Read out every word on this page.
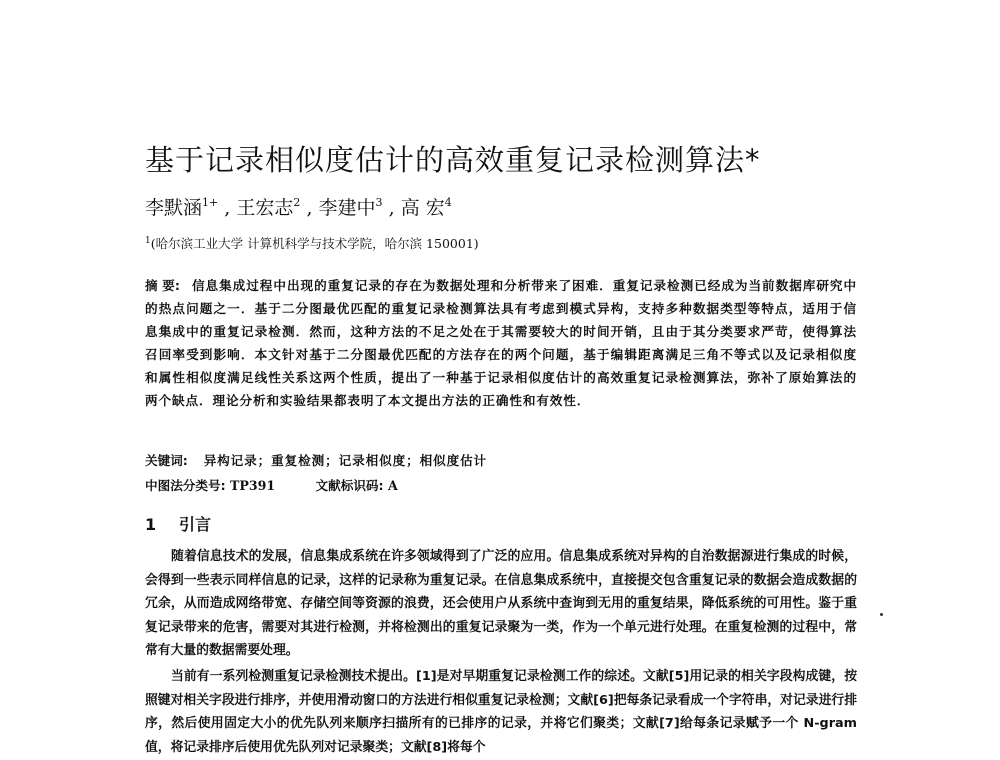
基于记录相似度估计的高效重复记录检测算法*
李默涵$^{1+}$ , 王宏志$^2$ , 李建中$^3$ , 高 宏$^4$
$^1$(哈尔滨工业大学 计算机科学与技术学院，哈尔滨 150001)
摘 要: 信息集成过程中出现的重复记录的存在为数据处理和分析带来了困难．重复记录检测已经成为当前数据库研究中的热点问题之一．基于二分图最优匹配的重复记录检测算法具有考虑到模式异构，支持多种数据类型等特点，适用于信息集成中的重复记录检测．然而，这种方法的不足之处在于其需要较大的时间开销，且由于其分类要求严苛，使得算法召回率受到影响．本文针对基于二分图最优匹配的方法存在的两个问题，基于编辑距离满足三角不等式以及记录相似度和属性相似度满足线性关系这两个性质，提出了一种基于记录相似度估计的高效重复记录检测算法，弥补了原始算法的两个缺点．理论分析和实验结果都表明了本文提出方法的正确性和有效性．
关键词: 异构记录；重复检测；记录相似度；相似度估计
中图法分类号: TP391	文献标识码: A
1 引言

随着信息技术的发展，信息集成系统在许多领域得到了广泛的应用。信息集成系统对异构的自治数据源进行集成的时候，会得到一些表示同样信息的记录，这样的记录称为重复记录。在信息集成系统中，直接提交包含重复记录的数据会造成数据的冗余，从而造成网络带宽、存储空间等资源的浪费，还会使用户从系统中查询到无用的重复结果，降低系统的可用性。鉴于重复记录带来的危害，需要对其进行检测，并将检测出的重复记录聚为一类，作为一个单元进行处理。在重复检测的过程中，常常有大量的数据需要处理。

当前有一系列检测重复记录检测技术提出。[1]是对早期重复记录检测工作的综述。文献[5]用记录的相关字段构成键，按照键对相关字段进行排序，并使用滑动窗口的方法进行相似重复记录检测；文献[6]把每条记录看成一个字符串，对记录进行排序，然后使用固定大小的优先队列来顺序扫描所有的已排序的记录，并将它们聚类；文献[7]给每条记录赋予一个 N-gram 值，将记录排序后使用优先队列对记录聚类；文献[8]将每个
